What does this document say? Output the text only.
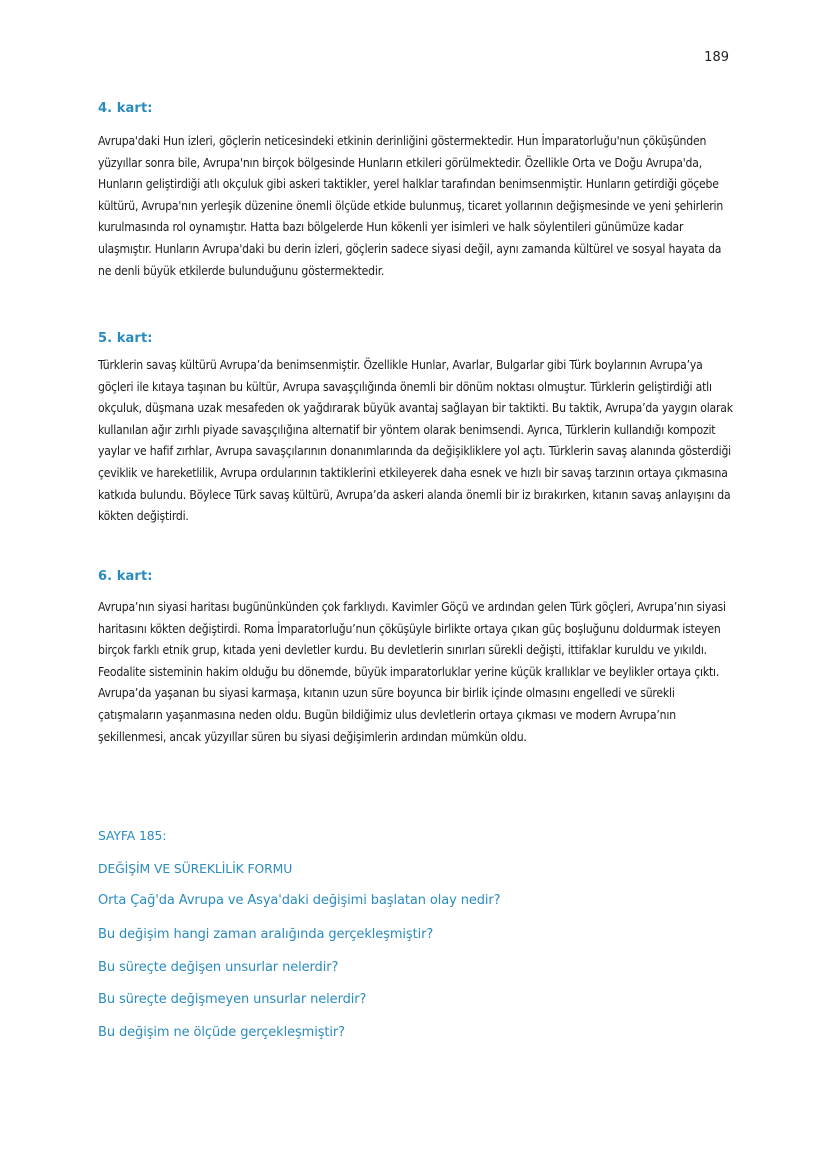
189
4. kart:

Avrupa'daki Hun izleri, göçlerin neticesindeki etkinin derinliğini göstermektedir. Hun İmparatorluğu'nun çöküşünden yüzyıllar sonra bile, Avrupa'nın birçok bölgesinde Hunların etkileri görülmektedir. Özellikle Orta ve Doğu Avrupa'da, Hunların geliştirdiği atlı okçuluk gibi askeri taktikler, yerel halklar tarafından benimsenmiştir. Hunların getirdiği göçebe kültürü, Avrupa'nın yerleşik düzenine önemli ölçüde etkide bulunmuş, ticaret yollarının değişmesinde ve yeni şehirlerin kurulmasında rol oynamıştır. Hatta bazı bölgelerde Hun kökenli yer isimleri ve halk söylentileri günümüze kadar ulaşmıştır. Hunların Avrupa'daki bu derin izleri, göçlerin sadece siyasi değil, aynı zamanda kültürel ve sosyal hayata da ne denli büyük etkilerde bulunduğunu göstermektedir.

5. kart:

Türklerin savaş kültürü Avrupa’da benimsenmiştir. Özellikle Hunlar, Avarlar, Bulgarlar gibi Türk boylarının Avrupa’ya göçleri ile kıtaya taşınan bu kültür, Avrupa savaşçılığında önemli bir dönüm noktası olmuştur. Türklerin geliştirdiği atlı okçuluk, düşmana uzak mesafeden ok yağdırarak büyük avantaj sağlayan bir taktikti. Bu taktik, Avrupa’da yaygın olarak kullanılan ağır zırhlı piyade savaşçılığına alternatif bir yöntem olarak benimsendi. Ayrıca, Türklerin kullandığı kompozit yaylar ve hafif zırhlar, Avrupa savaşçılarının donanımlarında da değişikliklere yol açtı. Türklerin savaş alanında gösterdiği çeviklik ve hareketlilik, Avrupa ordularının taktiklerini etkileyerek daha esnek ve hızlı bir savaş tarzının ortaya çıkmasına katkıda bulundu. Böylece Türk savaş kültürü, Avrupa’da askeri alanda önemli bir iz bırakırken, kıtanın savaş anlayışını da kökten değiştirdi.

6. kart:

Avrupa’nın siyasi haritası bugününkünden çok farklıydı. Kavimler Göçü ve ardından gelen Türk göçleri, Avrupa’nın siyasi haritasını kökten değiştirdi. Roma İmparatorluğu’nun çöküşüyle birlikte ortaya çıkan güç boşluğunu doldurmak isteyen birçok farklı etnik grup, kıtada yeni devletler kurdu. Bu devletlerin sınırları sürekli değişti, ittifaklar kuruldu ve yıkıldı. Feodalite sisteminin hakim olduğu bu dönemde, büyük imparatorluklar yerine küçük krallıklar ve beylikler ortaya çıktı. Avrupa’da yaşanan bu siyasi karmaşa, kıtanın uzun süre boyunca bir birlik içinde olmasını engelledi ve sürekli çatışmaların yaşanmasına neden oldu. Bugün bildiğimiz ulus devletlerin ortaya çıkması ve modern Avrupa’nın şekillenmesi, ancak yüzyıllar süren bu siyasi değişimlerin ardından mümkün oldu.

SAYFA 185:
DEĞİŞİM VE SÜREKLİLİK FORMU
Orta Çağ'da Avrupa ve Asya'daki değişimi başlatan olay nedir?
Bu değişim hangi zaman aralığında gerçekleşmiştir?
Bu süreçte değişen unsurlar nelerdir?
Bu süreçte değişmeyen unsurlar nelerdir?
Bu değişim ne ölçüde gerçekleşmiştir?
